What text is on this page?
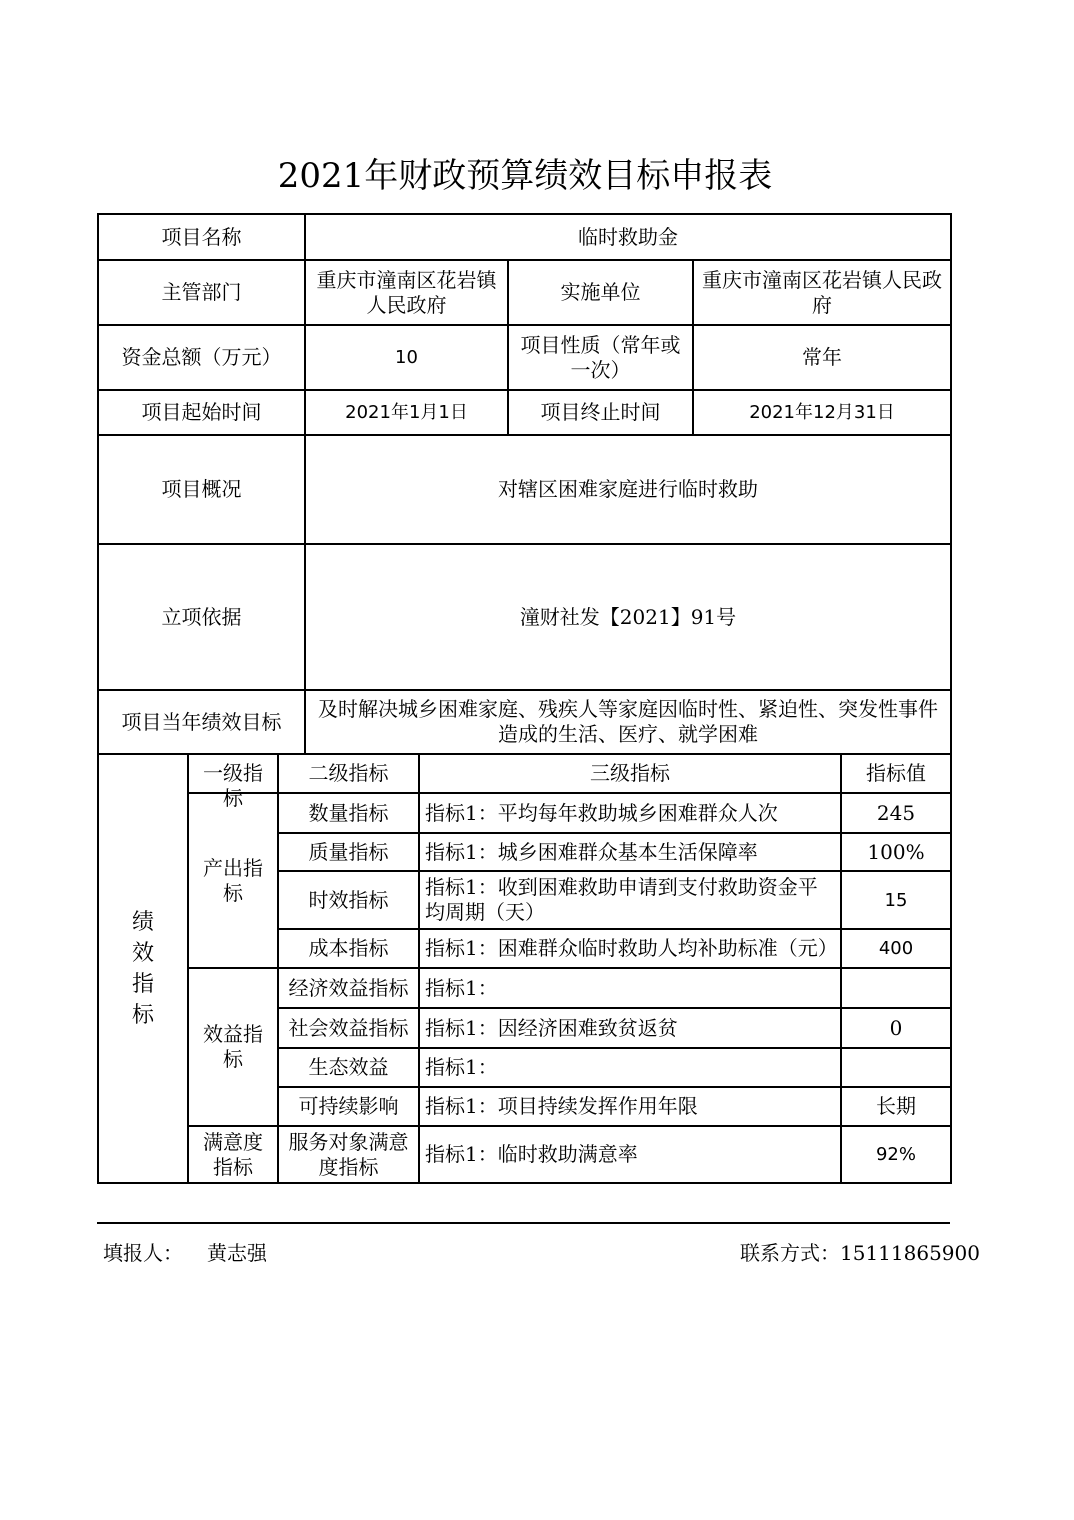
2021年财政预算绩效目标申报表
项目名称			临时救助金				
主管部门			重庆市潼南区花岩镇人民政府		实施单位	重庆市潼南区花岩镇人民政府	
资金总额（万元）			10		项目性质（常年或一次）	常年	
项目起始时间			2021年1月1日		项目终止时间	2021年12月31日	
项目概况			对辖区困难家庭进行临时救助				
立项依据			潼财社发【2021】91号				
项目当年绩效目标			及时解决城乡困难家庭、残疾人等家庭因临时性、紧迫性、突发性事件造成的生活、医疗、就学困难				
绩效指标	一级指标	二级指标		三级指标			指标值
	产出指标	数量指标		指标1：平均每年救助城乡困难群众人次			245
		质量指标		指标1：城乡困难群众基本生活保障率			100%
		时效指标		指标1：收到困难救助申请到支付救助资金平均周期（天）			15
		成本指标		指标1：困难群众临时救助人均补助标准（元）			400
	效益指标	经济效益指标		指标1：			
		社会效益指标		指标1：因经济困难致贫返贫			0
		生态效益		指标1：			
		可持续影响		指标1：项目持续发挥作用年限			长期
	满意度指标	服务对象满意度指标		指标1：临时救助满意率			92%
填报人： 黄志强	联系方式：15111865900
